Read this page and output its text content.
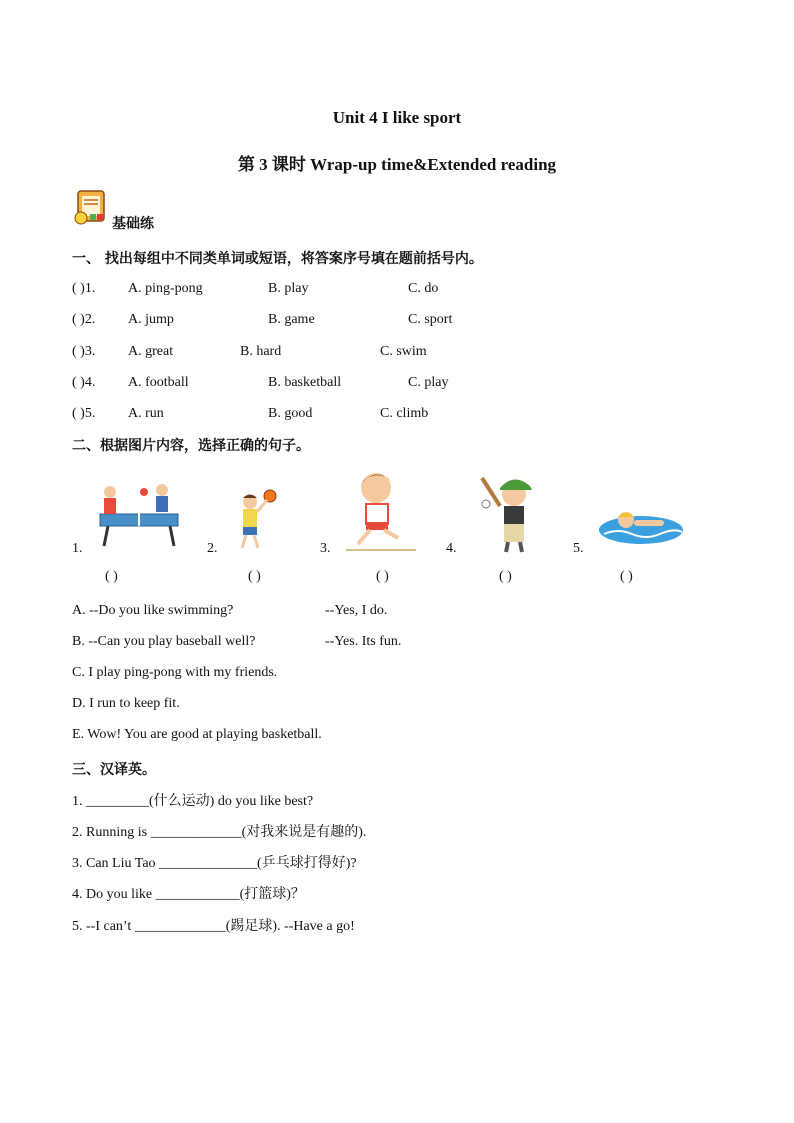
Unit 4 I like sport
第 3 课时 Wrap-up time&Extended reading
基础练
一、 找出每组中不同类单词或短语，将答案序号填在题前括号内。
( )1. A. ping-pong	B. play	C. do
( )2. A. jump	B. game	C. sport
( )3. A. great	B. hard	C. swim
( )4. A. football	B. basketball	C. play
( )5. A. run	B. good	C. climb
二、根据图片内容，选择正确的句子。
1.	2.	3.	4.	5.
( )	( )	( )	( )	( )
A. --Do you like swimming?	--Yes, I do.
B. --Can you play baseball well?	--Yes. Its fun.
C. I play ping-pong with my friends.
D. I run to keep fit.
E. Wow! You are good at playing basketball.
三、汉译英。
1. _________(什么运动) do you like best?
2. Running is _____________(对我来说是有趣的).
3. Can Liu Tao ______________(乒乓球打得好)?
4. Do you like ____________(打篮球)？
5. --I can’t _____________(踢足球). --Have a go!
